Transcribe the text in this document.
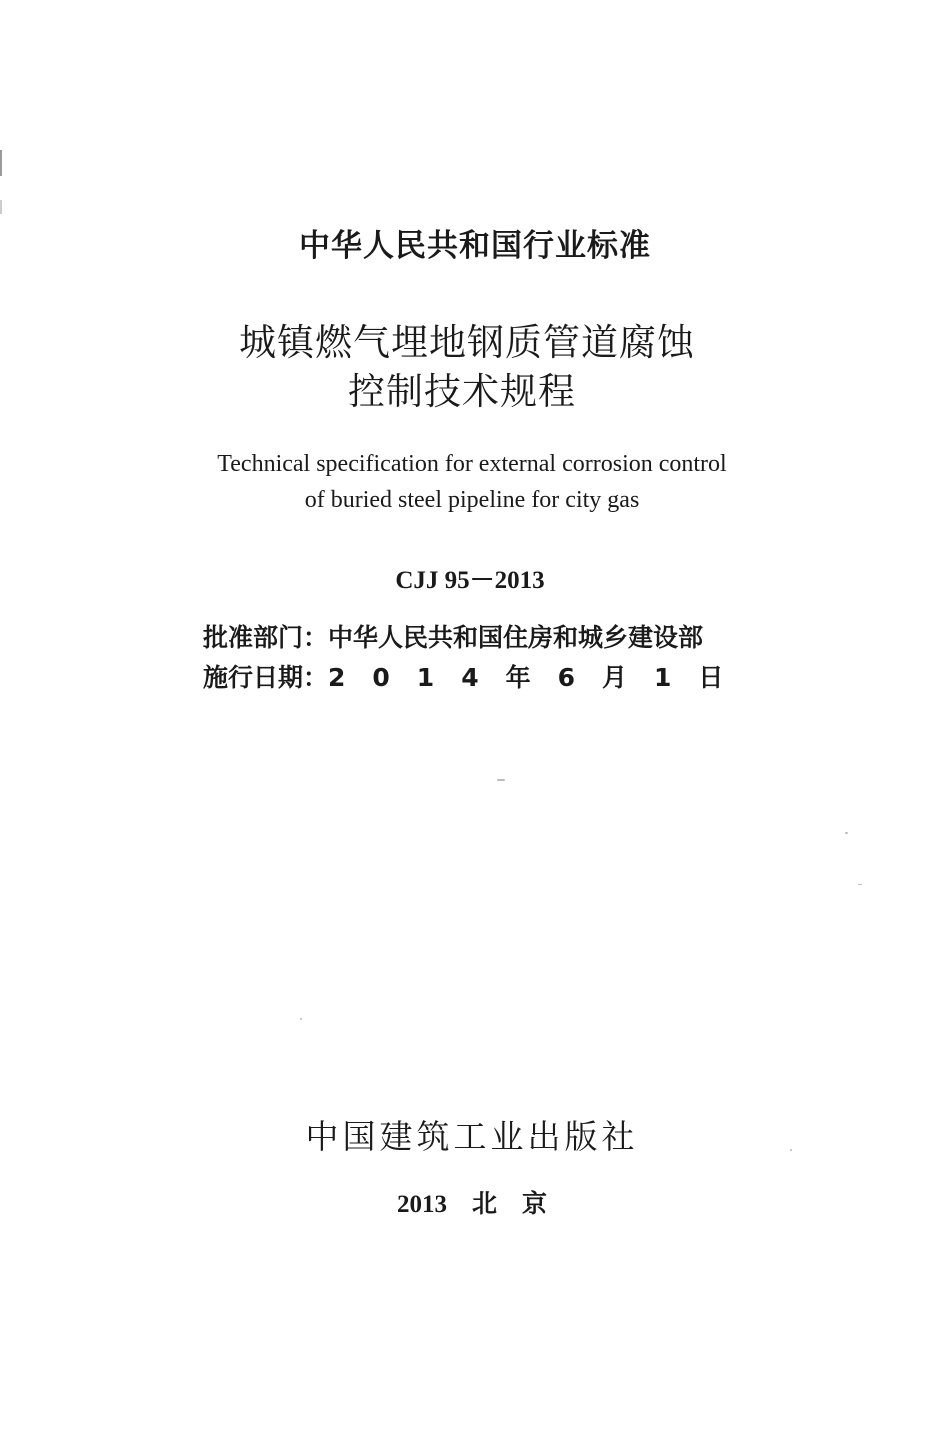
中华人民共和国行业标准
城镇燃气埋地钢质管道腐蚀
控制技术规程
Technical specification for external corrosion control
of buried steel pipeline for city gas
CJJ 95－2013
批准部门：中华人民共和国住房和城乡建设部
施行日期：2　0　1　4　年　6　月　1　日
中国建筑工业出版社
2013　北　京
